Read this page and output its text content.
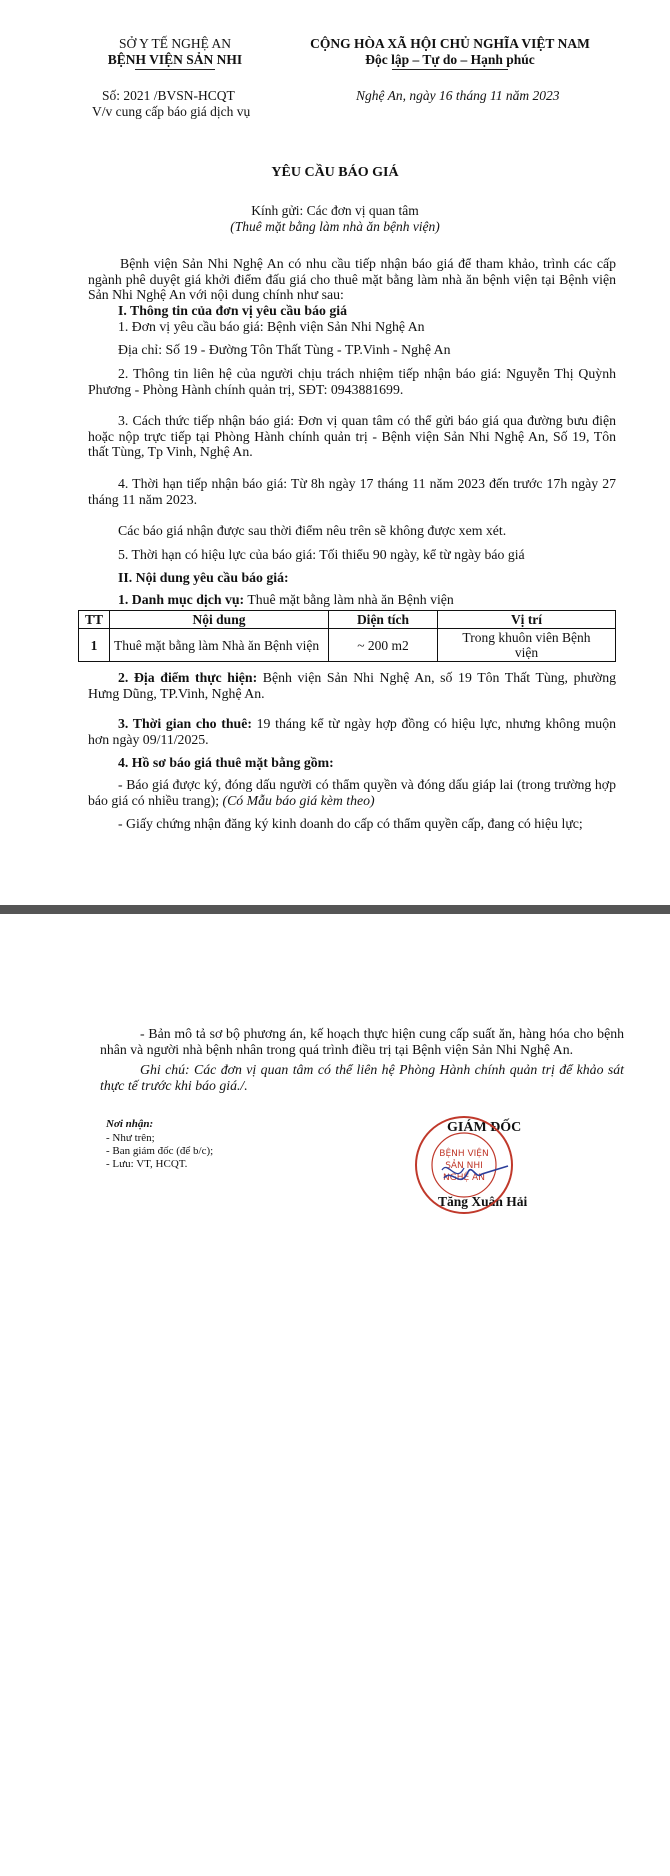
SỞ Y TẾ NGHỆ AN
BỆNH VIỆN SẢN NHI
CỘNG HÒA XÃ HỘI CHỦ NGHĨA VIỆT NAM
Độc lập – Tự do – Hạnh phúc
Số: 2021 /BVSN-HCQT
V/v cung cấp báo giá dịch vụ
Nghệ An, ngày 16 tháng 11 năm 2023
YÊU CẦU BÁO GIÁ
Kính gửi: Các đơn vị quan tâm
(Thuê mặt bằng làm nhà ăn bệnh viện)
Bệnh viện Sản Nhi Nghệ An có nhu cầu tiếp nhận báo giá để tham khảo, trình các cấp ngành phê duyệt giá khởi điểm đấu giá cho thuê mặt bằng làm nhà ăn bệnh viện tại Bệnh viện Sản Nhi Nghệ An với nội dung chính như sau:
I. Thông tin của đơn vị yêu cầu báo giá
1. Đơn vị yêu cầu báo giá: Bệnh viện Sản Nhi Nghệ An
Địa chỉ: Số 19 - Đường Tôn Thất Tùng - TP.Vinh - Nghệ An
2. Thông tin liên hệ của người chịu trách nhiệm tiếp nhận báo giá: Nguyễn Thị Quỳnh Phương - Phòng Hành chính quản trị, SĐT: 0943881699.
3. Cách thức tiếp nhận báo giá: Đơn vị quan tâm có thể gửi báo giá qua đường bưu điện hoặc nộp trực tiếp tại Phòng Hành chính quản trị - Bệnh viện Sản Nhi Nghệ An, Số 19, Tôn thất Tùng, Tp Vinh, Nghệ An.
4. Thời hạn tiếp nhận báo giá: Từ 8h ngày 17 tháng 11 năm 2023 đến trước 17h ngày 27 tháng 11 năm 2023.
Các báo giá nhận được sau thời điểm nêu trên sẽ không được xem xét.
5. Thời hạn có hiệu lực của báo giá: Tối thiểu 90 ngày, kể từ ngày báo giá
II. Nội dung yêu cầu báo giá:
1. Danh mục dịch vụ: Thuê mặt bằng làm nhà ăn Bệnh viện
TT	Nội dung	Diện tích	Vị trí
1	Thuê mặt bằng làm Nhà ăn Bệnh viện	~ 200 m2	Trong khuôn viên Bệnh viện
2. Địa điểm thực hiện: Bệnh viện Sản Nhi Nghệ An, số 19 Tôn Thất Tùng, phường Hưng Dũng, TP.Vinh, Nghệ An.
3. Thời gian cho thuê: 19 tháng kể từ ngày hợp đồng có hiệu lực, nhưng không muộn hơn ngày 09/11/2025.
4. Hồ sơ báo giá thuê mặt bằng gồm:
- Báo giá được ký, đóng dấu người có thẩm quyền và đóng dấu giáp lai (trong trường hợp báo giá có nhiều trang); (Có Mẫu báo giá kèm theo)
- Giấy chứng nhận đăng ký kinh doanh do cấp có thẩm quyền cấp, đang có hiệu lực;
- Bản mô tả sơ bộ phương án, kế hoạch thực hiện cung cấp suất ăn, hàng hóa cho bệnh nhân và người nhà bệnh nhân trong quá trình điều trị tại Bệnh viện Sản Nhi Nghệ An.
Ghi chú: Các đơn vị quan tâm có thể liên hệ Phòng Hành chính quản trị để khảo sát thực tế trước khi báo giá./.
Nơi nhận:
- Như trên;
- Ban giám đốc (để b/c);
- Lưu: VT, HCQT.
GIÁM ĐỐC
Tăng Xuân Hải
BỆNH VIỆN
SẢN NHI
NGHỆ AN
